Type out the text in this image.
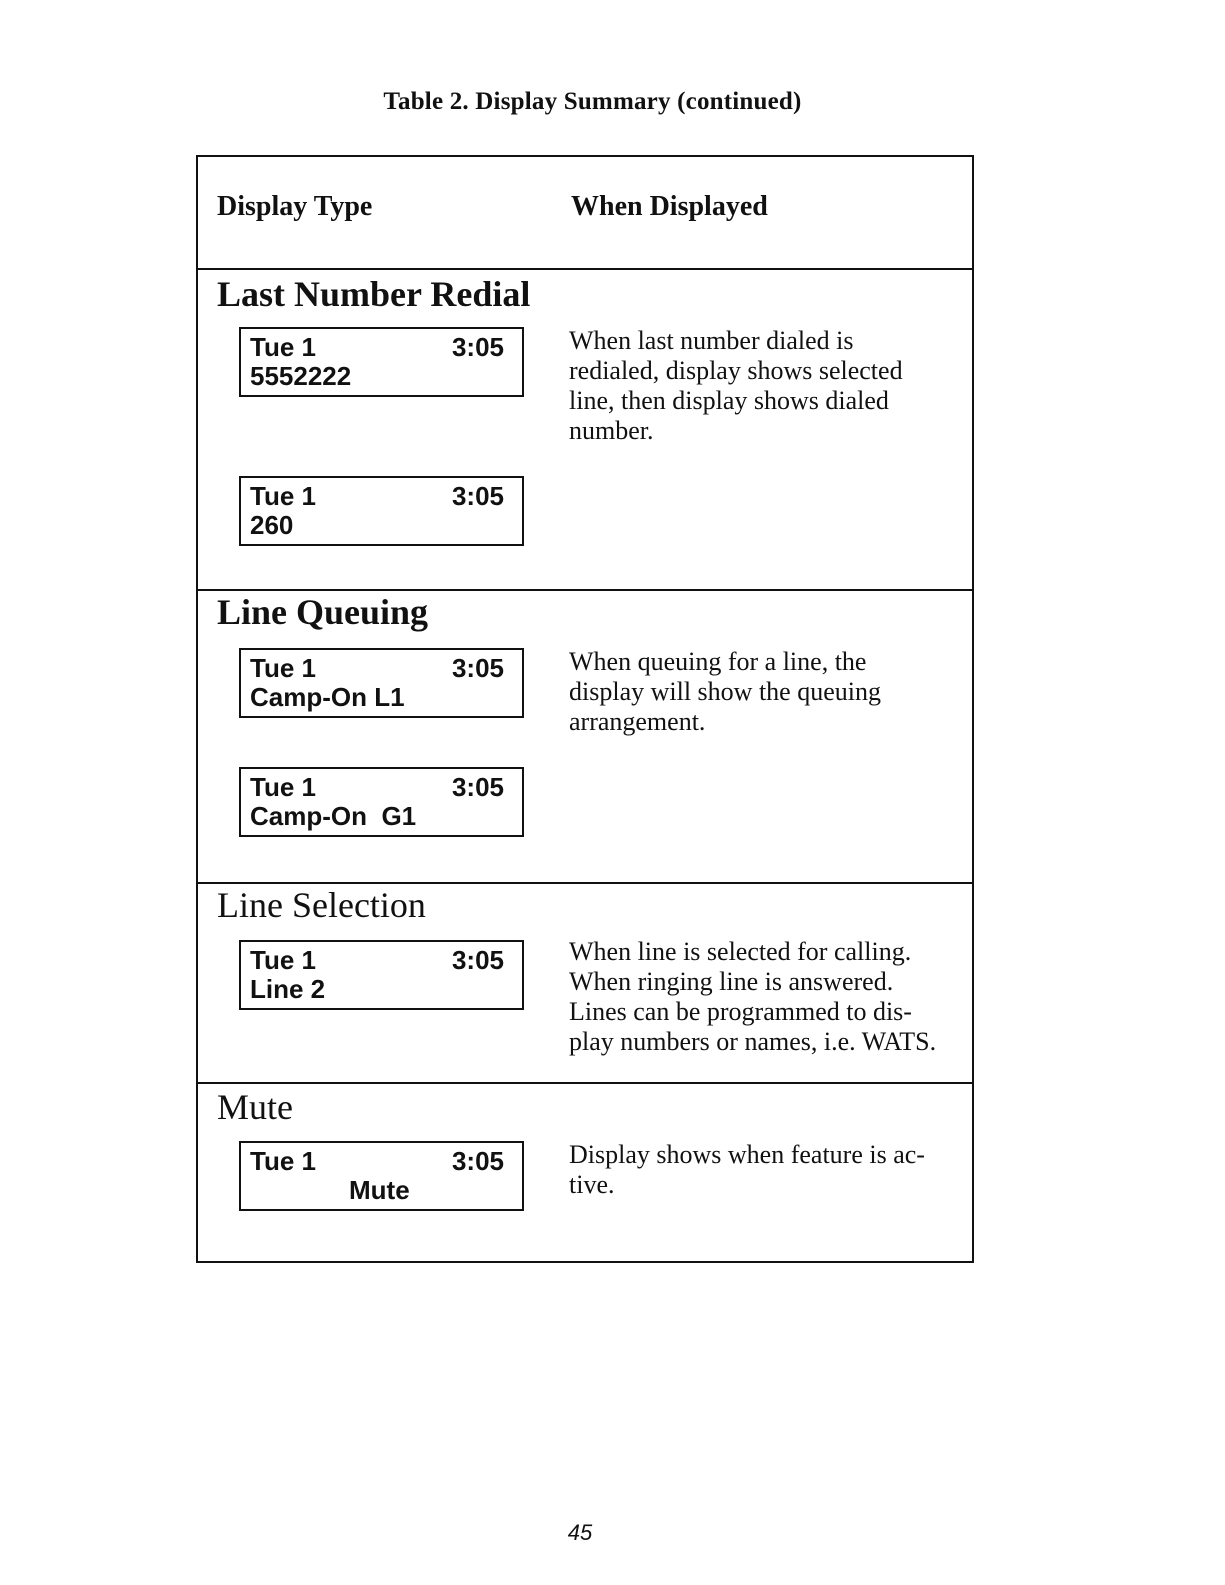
Table 2. Display Summary (continued)
Display Type	When Displayed
Last Number Redial
Tue 1	3:05
5552222
Tue 1	3:05
260
When last number dialed is
redialed, display shows selected
line, then display shows dialed
number.
Line Queuing
Tue 1	3:05
Camp-On L1
Tue 1	3:05
Camp-On  G1
When queuing for a line, the
display will show the queuing
arrangement.
Line Selection
Tue 1	3:05
Line 2
When line is selected for calling.
When ringing line is answered.
Lines can be programmed to dis-
play numbers or names, i.e. WATS.
Mute
Tue 1	3:05
Mute
Display shows when feature is ac-
tive.
45
